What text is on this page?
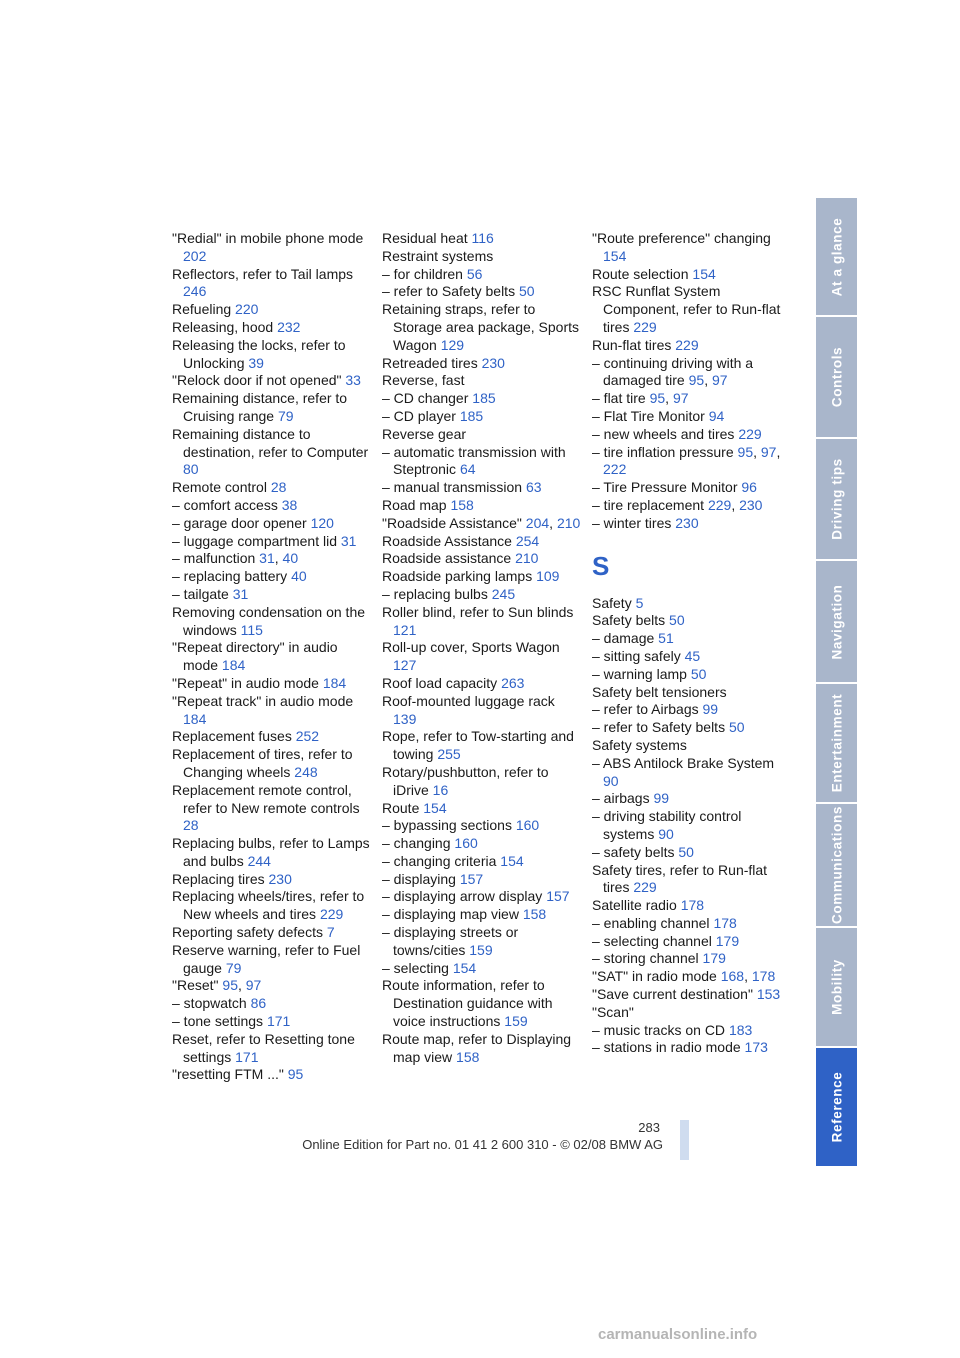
"Redial" in mobile phone mode 202
Reflectors, refer to Tail lamps 246
Refueling 220
Releasing, hood 232
Releasing the locks, refer to Unlocking 39
"Relock door if not opened" 33
Remaining distance, refer to Cruising range 79
Remaining distance to destination, refer to Computer 80
Remote control 28
– comfort access 38
– garage door opener 120
– luggage compartment lid 31
– malfunction 31, 40
– replacing battery 40
– tailgate 31
Removing condensation on the windows 115
"Repeat directory" in audio mode 184
"Repeat" in audio mode 184
"Repeat track" in audio mode 184
Replacement fuses 252
Replacement of tires, refer to Changing wheels 248
Replacement remote control, refer to New remote controls 28
Replacing bulbs, refer to Lamps and bulbs 244
Replacing tires 230
Replacing wheels/tires, refer to New wheels and tires 229
Reporting safety defects 7
Reserve warning, refer to Fuel gauge 79
"Reset" 95, 97
– stopwatch 86
– tone settings 171
Reset, refer to Resetting tone settings 171
"resetting FTM ..." 95
Residual heat 116
Restraint systems
– for children 56
– refer to Safety belts 50
Retaining straps, refer to Storage area package, Sports Wagon 129
Retreaded tires 230
Reverse, fast
– CD changer 185
– CD player 185
Reverse gear
– automatic transmission with Steptronic 64
– manual transmission 63
Road map 158
"Roadside Assistance" 204, 210
Roadside Assistance 254
Roadside assistance 210
Roadside parking lamps 109
– replacing bulbs 245
Roller blind, refer to Sun blinds 121
Roll-up cover, Sports Wagon 127
Roof load capacity 263
Roof-mounted luggage rack 139
Rope, refer to Tow-starting and towing 255
Rotary/pushbutton, refer to iDrive 16
Route 154
– bypassing sections 160
– changing 160
– changing criteria 154
– displaying 157
– displaying arrow display 157
– displaying map view 158
– displaying streets or towns/cities 159
– selecting 154
Route information, refer to Destination guidance with voice instructions 159
Route map, refer to Displaying map view 158
"Route preference" changing 154
Route selection 154
RSC Runflat System Component, refer to Run-flat tires 229
Run-flat tires 229
– continuing driving with a damaged tire 95, 97
– flat tire 95, 97
– Flat Tire Monitor 94
– new wheels and tires 229
– tire inflation pressure 95, 97, 222
– Tire Pressure Monitor 96
– tire replacement 229, 230
– winter tires 230
S
Safety 5
Safety belts 50
– damage 51
– sitting safely 45
– warning lamp 50
Safety belt tensioners
– refer to Airbags 99
– refer to Safety belts 50
Safety systems
– ABS Antilock Brake System 90
– airbags 99
– driving stability control systems 90
– safety belts 50
Safety tires, refer to Run-flat tires 229
Satellite radio 178
– enabling channel 178
– selecting channel 179
– storing channel 179
"SAT" in radio mode 168, 178
"Save current destination" 153
"Scan"
– music tracks on CD 183
– stations in radio mode 173
At a glance
Controls
Driving tips
Navigation
Entertainment
Communications
Mobility
Reference
283
Online Edition for Part no. 01 41 2 600 310 - © 02/08 BMW AG
carmanualsonline.info
